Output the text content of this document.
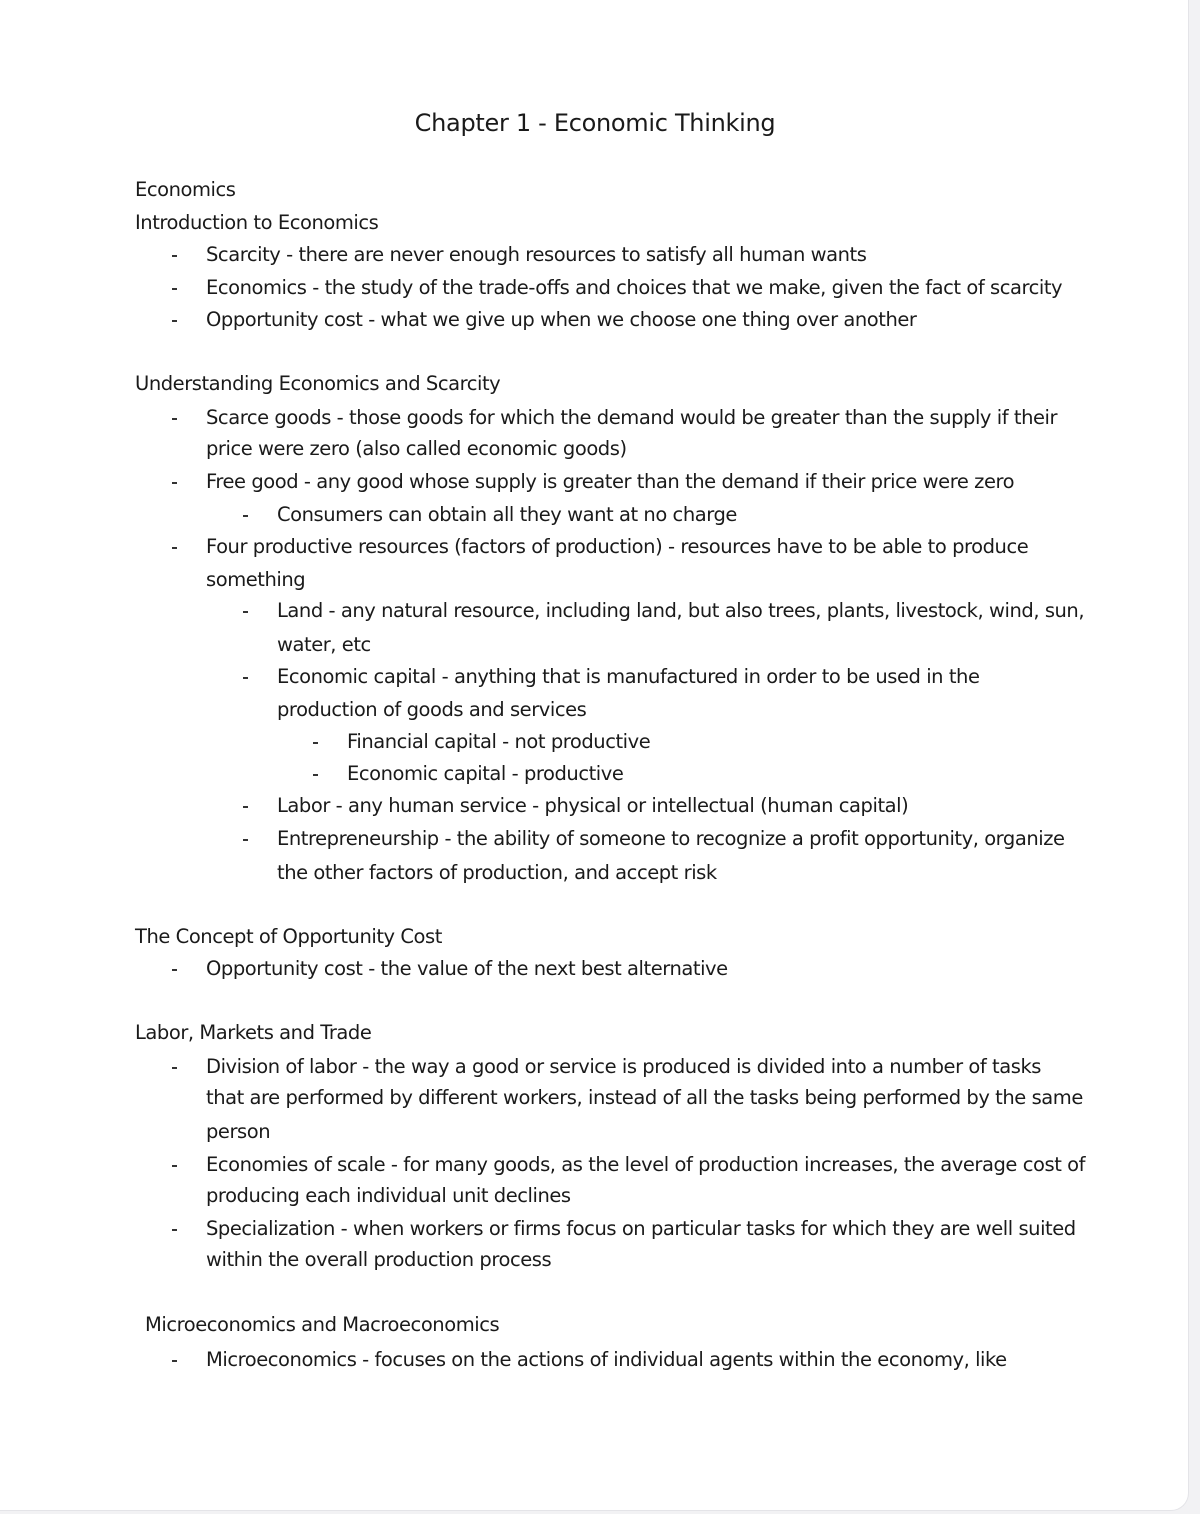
Chapter 1 - Economic Thinking
Economics
Introduction to Economics
Scarcity - there are never enough resources to satisfy all human wants
Economics - the study of the trade-offs and choices that we make, given the fact of scarcity
Opportunity cost - what we give up when we choose one thing over another
Understanding Economics and Scarcity
Scarce goods - those goods for which the demand would be greater than the supply if their
price were zero (also called economic goods)
Free good - any good whose supply is greater than the demand if their price were zero
Consumers can obtain all they want at no charge
Four productive resources (factors of production) - resources have to be able to produce
something
Land - any natural resource, including land, but also trees, plants, livestock, wind, sun,
water, etc
Economic capital - anything that is manufactured in order to be used in the
production of goods and services
Financial capital - not productive
Economic capital - productive
Labor - any human service - physical or intellectual (human capital)
Entrepreneurship - the ability of someone to recognize a profit opportunity, organize
the other factors of production, and accept risk
The Concept of Opportunity Cost
Opportunity cost - the value of the next best alternative
Labor, Markets and Trade
Division of labor - the way a good or service is produced is divided into a number of tasks
that are performed by different workers, instead of all the tasks being performed by the same
person
Economies of scale - for many goods, as the level of production increases, the average cost of
producing each individual unit declines
Specialization - when workers or firms focus on particular tasks for which they are well suited
within the overall production process
Microeconomics and Macroeconomics
Microeconomics - focuses on the actions of individual agents within the economy, like
